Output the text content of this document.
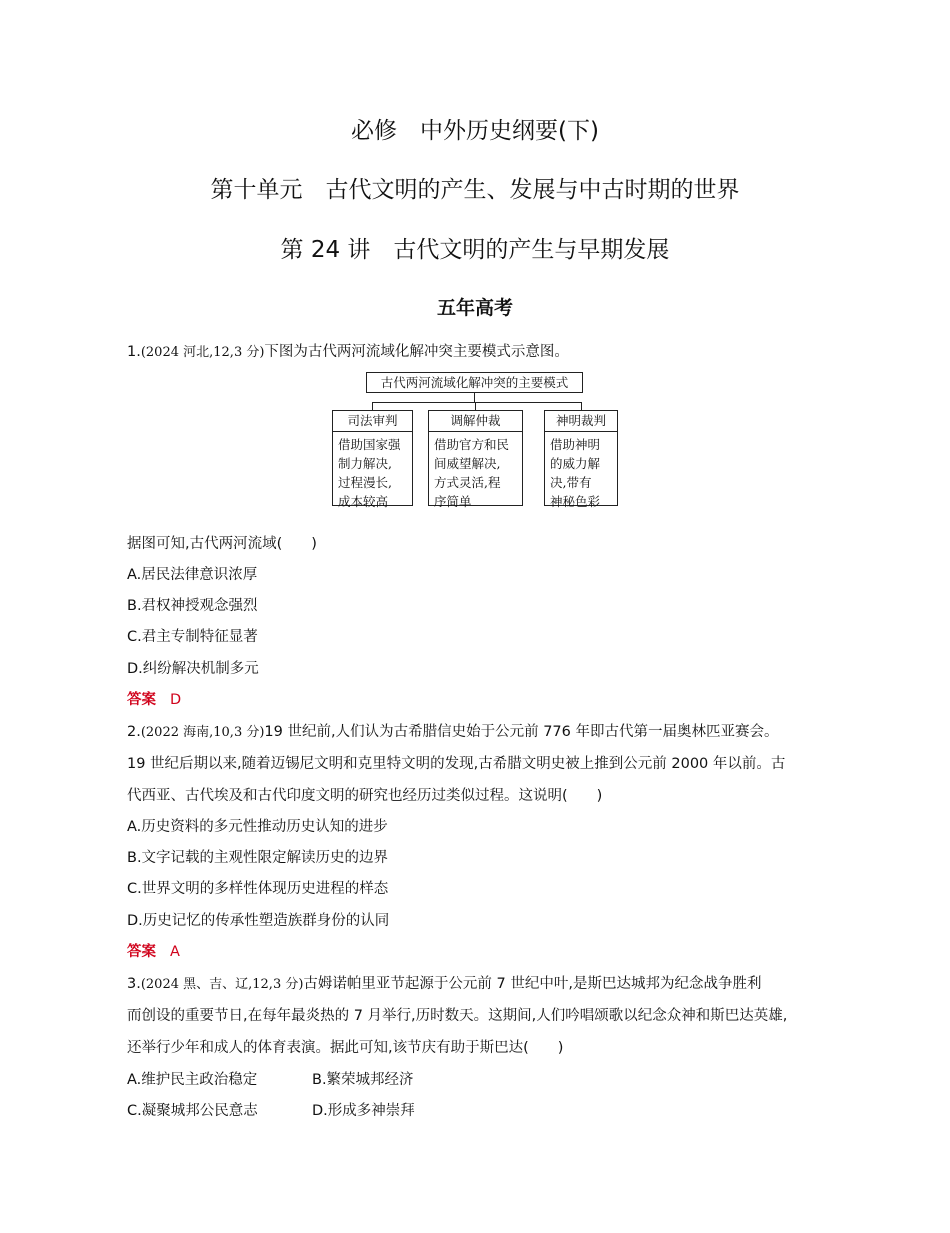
必修　中外历史纲要(下)
第十单元　古代文明的产生、发展与中古时期的世界
第 24 讲　古代文明的产生与早期发展
五年高考
1.(2024 河北,12,3 分)下图为古代两河流域化解冲突主要模式示意图。
古代两河流域化解冲突的主要模式
司法审判
借助国家强
制力解决,
过程漫长,
成本较高
调解仲裁
借助官方和民
间威望解决,
方式灵活,程
序简单
神明裁判
借助神明
的威力解
决,带有
神秘色彩
据图可知,古代两河流域(　　)
A.居民法律意识浓厚
B.君权神授观念强烈
C.君主专制特征显著
D.纠纷解决机制多元
答案 D
2.(2022 海南,10,3 分)19 世纪前,人们认为古希腊信史始于公元前 776 年即古代第一届奥林匹亚赛会。
19 世纪后期以来,随着迈锡尼文明和克里特文明的发现,古希腊文明史被上推到公元前 2000 年以前。古
代西亚、古代埃及和古代印度文明的研究也经历过类似过程。这说明(　　)
A.历史资料的多元性推动历史认知的进步
B.文字记载的主观性限定解读历史的边界
C.世界文明的多样性体现历史进程的样态
D.历史记忆的传承性塑造族群身份的认同
答案 A
3.(2024 黑、吉、辽,12,3 分)古姆诺帕里亚节起源于公元前 7 世纪中叶,是斯巴达城邦为纪念战争胜利
而创设的重要节日,在每年最炎热的 7 月举行,历时数天。这期间,人们吟唱颂歌以纪念众神和斯巴达英雄,
还举行少年和成人的体育表演。据此可知,该节庆有助于斯巴达(　　)
A.维护民主政治稳定	B.繁荣城邦经济
C.凝聚城邦公民意志	D.形成多神崇拜
